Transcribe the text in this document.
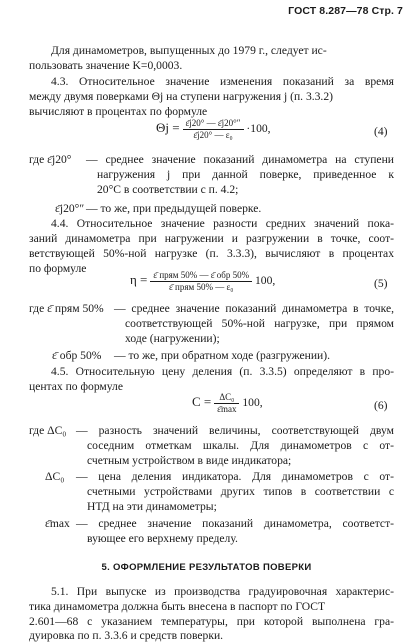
ГОСТ 8.287—78 Стр. 7
Для динамометров, выпущенных до 1979 г., следует ис-
пользовать значение K=0,0003.
4.3. Относительное значение изменения показаний за время
между двумя поверками Θj на ступени нагружения j (п. 3.3.2)
вычисляют в процентах по формуле
$\Theta j = \frac{\varepsilon̄j20^\circ — \varepsilon̄j20^\circ''}{\text{ε̄j20° — ε₀}} \cdot 100$,	(4)
где ε̄j20° — среднее значение показаний динамометра на ступени
нагружения j при данной поверке, приведенное к
20°С в соответствии с п. 4.2;
ε̄j20°″ — то же, при предыдущей поверке.
4.4. Относительное значение разности средних значений пока-
заний динамометра при нагружении и разгружении в точке, соот-
ветствующей 50%-ной нагрузке (п. 3.3.3), вычисляют в процентах
по формуле
$\eta = \frac{\text{ε̄ прям 50\% — ε̄ обр 50\%}}{\text{ε̄ прям 50\% — ε₀}} 100$,	(5)
где ε̄ прям 50% — среднее значение показаний динамометра в точке,
соответствующей 50%-ной нагрузке, при прямом
ходе (нагружении);
ε̄ обр 50% — то же, при обратном ходе (разгружении).
4.5. Относительную цену деления (п. 3.3.5) определяют в про-
центах по формуле
$C = \frac{\text{ΔC₀}}{\varepsilon̄\max} 100$,	(6)
где ΔC₀ — разность значений величины, соответствующей двум
соседним отметкам шкалы. Для динамометров с от-
счетным устройством в виде индикатора;
ΔC₀ — цена деления индикатора. Для динамометров с от-
счетными устройствами других типов в соответствии с
НТД на эти динамометры;
ε̄max — среднее значение показаний динамометра, соответст-
вующее его верхнему пределу.
5. ОФОРМЛЕНИЕ РЕЗУЛЬТАТОВ ПОВЕРКИ
5.1. При выпуске из производства градуировочная характерис-
тика динамометра должна быть внесена в паспорт по ГОСТ
2.601—68 с указанием температуры, при которой выполнена гра-
дуировка по п. 3.3.6 и средств поверки.
